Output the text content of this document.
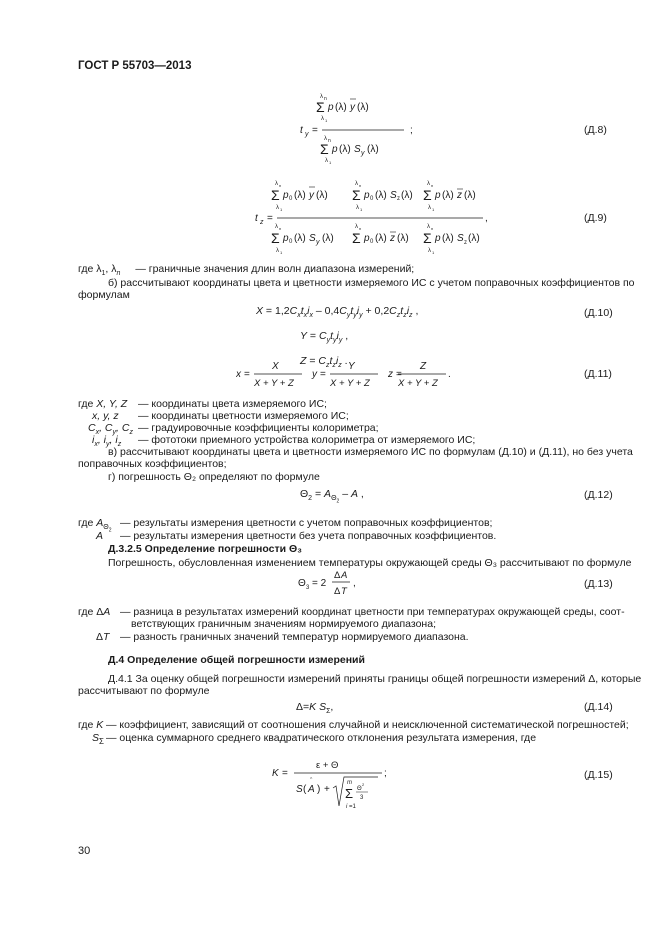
ГОСТ Р 55703—2013
λ n
Σ p (λ) y (λ)
λ 1
t y =	;
λ n
Σ p (λ) S y (λ)
λ 1
(Д.8)
λ n
Σ p 0 (λ) y (λ)
λ 1
λ n
Σ p 0 (λ) S z (λ)
λ 1
λ n
Σ p (λ) z (λ)
λ 1
t z =	,
λ n
Σ p 0 (λ) S y (λ)
λ 1
λ n
Σ p 0 (λ) z (λ)
λ n
Σ p (λ) S z (λ)
λ 1
(Д.9)
где $\lambda_1$, $\lambda_n$ — граничные значения длин волн диапазона измерений;
б) рассчитывают координаты цвета и цветности измеряемого ИС с учетом поправочных коэффициентов по
формулам
$X = 1,2C_xt_xi_x - 0,4C_yt_yi_y + 0,2C_zt_zi_z$ ,
$Y = C_yt_yi_y$ ,
$Z = C_zt_zi_z$ .
(Д.10)
x =
X
X + Y + Z
y =
Y
X + Y + Z
z =
Z
X + Y + Z
.	(Д.11)
где X, Y, Z — координаты цвета измеряемого ИС;
x, y, z — координаты цветности измеряемого ИС;
$C_x$, $C_y$, $C_z$ — градуировочные коэффициенты колориметра;
$i_x$, $i_y$, $i_z$ — фототоки приемного устройства колориметра от измеряемого ИС;
в) рассчитывают координаты цвета и цветности измеряемого ИС по формулам (Д.10) и (Д.11), но без учета
поправочных коэффициентов;
г) погрешность Θ₂ определяют по формуле
$\Theta_2 = A_{\Theta_2} - A$ ,	(Д.12)
где $A_{\Theta_2}$
— результаты измерения цветности с учетом поправочных коэффициентов;
A — результаты измерения цветности без учета поправочных коэффициентов.
Д.3.2.5 Определение погрешности Θ₃
Погрешность, обусловленная изменением температуры окружающей среды Θ₃ рассчитывают по формуле
Θ 3 = 2
Δ A
Δ T
,	(Д.13)
где ΔA — разница в результатах измерений координат цветности при температурах окружающей среды, соот-
ветствующих граничным значениям нормируемого диапазона;
ΔT — разность граничных значений температур нормируемого диапазона.
Д.4 Определение общей погрешности измерений
Д.4.1 За оценку общей погрешности измерений приняты границы общей погрешности измерений Δ, которые
рассчитывают по формуле
Δ=K $S_\Sigma$,	(Д.14)
где K — коэффициент, зависящий от соотношения случайной и неисключенной систематической погрешностей;
$S_\Sigma$ — оценка суммарного среднего квадратического отклонения результата измерения, где
K =
ε + Θ
;
S ( A
ˆ
) +
m
Σ Θ
2
3
i =1
(Д.15)
30
